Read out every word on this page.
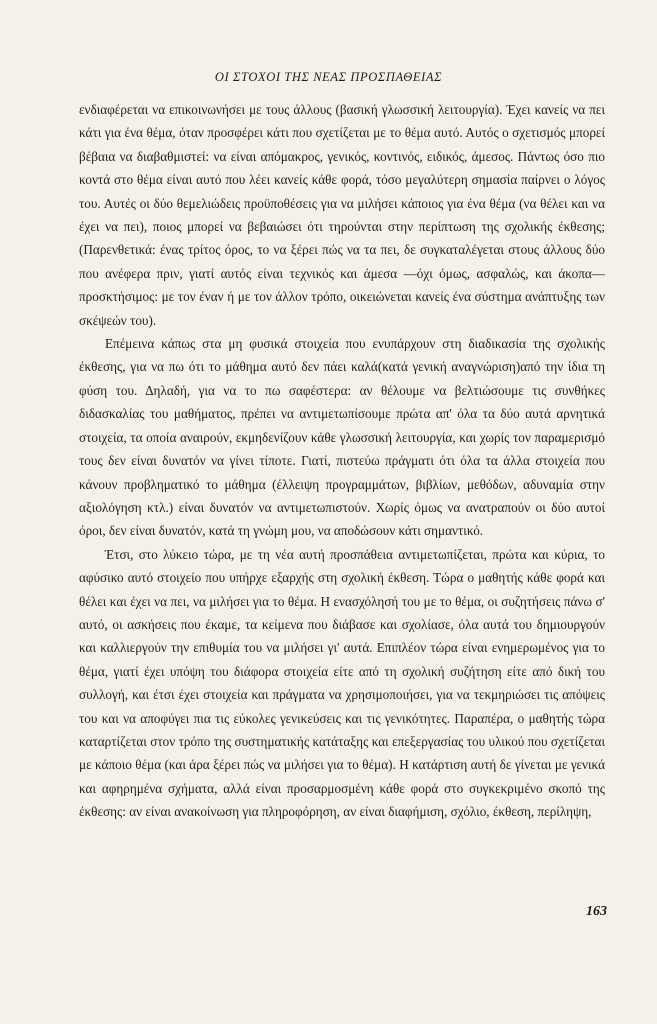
ΟΙ ΣΤΟΧΟΙ ΤΗΣ ΝΕΑΣ ΠΡΟΣΠΑΘΕΙΑΣ

ενδιαφέρεται να επικοινωνήσει με τους άλλους (βασική γλωσσική λειτουργία). Έχει κανείς να πει κάτι για ένα θέμα, όταν προσφέρει κάτι που σχετίζεται με το θέμα αυτό. Αυτός ο σχετισμός μπορεί βέβαια να διαβαθμιστεί: να είναι απόμακρος, γενικός, κοντινός, ειδικός, άμεσος. Πάντως όσο πιο κοντά στο θέμα είναι αυτό που λέει κανείς κάθε φορά, τόσο μεγαλύτερη σημασία παίρνει ο λόγος του. Αυτές οι δύο θεμελιώδεις προϋποθέσεις για να μιλήσει κάποιος για ένα θέμα (να θέλει και να έχει να πει), ποιος μπορεί να βεβαιώσει ότι τηρούνται στην περίπτωση της σχολικής έκθεσης; (Παρενθετικά: ένας τρίτος όρος, το να ξέρει πώς να τα πει, δε συγκαταλέγεται στους άλλους δύο που ανέφερα πριν, γιατί αυτός είναι τεχνικός και άμεσα —όχι όμως, ασφαλώς, και άκοπα— προσκτήσιμος: με τον έναν ή με τον άλλον τρόπο, οικειώνεται κανείς ένα σύστημα ανάπτυξης των σκέψεών του).

Επέμεινα κάπως στα μη φυσικά στοιχεία που ενυπάρχουν στη διαδικασία της σχολικής έκθεσης, για να πω ότι το μάθημα αυτό δεν πάει καλά(κατά γενική αναγνώριση)από την ίδια τη φύση του. Δηλαδή, για να το πω σαφέστερα: αν θέλουμε να βελτιώσουμε τις συνθήκες διδασκαλίας του μαθήματος, πρέπει να αντιμετωπίσουμε πρώτα απ' όλα τα δύο αυτά αρνητικά στοιχεία, τα οποία αναιρούν, εκμηδενίζουν κάθε γλωσσική λειτουργία, και χωρίς τον παραμερισμό τους δεν είναι δυνατόν να γίνει τίποτε. Γιατί, πιστεύω πράγματι ότι όλα τα άλλα στοιχεία που κάνουν προβληματικό το μάθημα (έλλειψη προγραμμάτων, βιβλίων, μεθόδων, αδυναμία στην αξιολόγηση κτλ.) είναι δυνατόν να αντιμετωπιστούν. Χωρίς όμως να ανατραπούν οι δύο αυτοί όροι, δεν είναι δυνατόν, κατά τη γνώμη μου, να αποδώσουν κάτι σημαντικό.

Έτσι, στο λύκειο τώρα, με τη νέα αυτή προσπάθεια αντιμετωπίζεται, πρώτα και κύρια, το αφύσικο αυτό στοιχείο που υπήρχε εξαρχής στη σχολική έκθεση. Τώρα ο μαθητής κάθε φορά και θέλει και έχει να πει, να μιλήσει για το θέμα. Η ενασχόλησή του με το θέμα, οι συζητήσεις πάνω σ' αυτό, οι ασκήσεις που έκαμε, τα κείμενα που διάβασε και σχολίασε, όλα αυτά του δημιουργούν και καλλιεργούν την επιθυμία του να μιλήσει γι' αυτά. Επιπλέον τώρα είναι ενημερωμένος για το θέμα, γιατί έχει υπόψη του διάφορα στοιχεία είτε από τη σχολική συζήτηση είτε από δική του συλλογή, και έτσι έχει στοιχεία και πράγματα να χρησιμοποιήσει, για να τεκμηριώσει τις απόψεις του και να αποφύγει πια τις εύκολες γενικεύσεις και τις γενικότητες. Παραπέρα, ο μαθητής τώρα καταρτίζεται στον τρόπο της συστηματικής κατάταξης και επεξεργασίας του υλικού που σχετίζεται με κάποιο θέμα (και άρα ξέρει πώς να μιλήσει για το θέμα). Η κατάρτιση αυτή δε γίνεται με γενικά και αφηρημένα σχήματα, αλλά είναι προσαρμοσμένη κάθε φορά στο συγκεκριμένο σκοπό της έκθεσης: αν είναι ανακοίνωση για πληροφόρηση, αν είναι διαφήμιση, σχόλιο, έκθεση, περίληψη,

163
